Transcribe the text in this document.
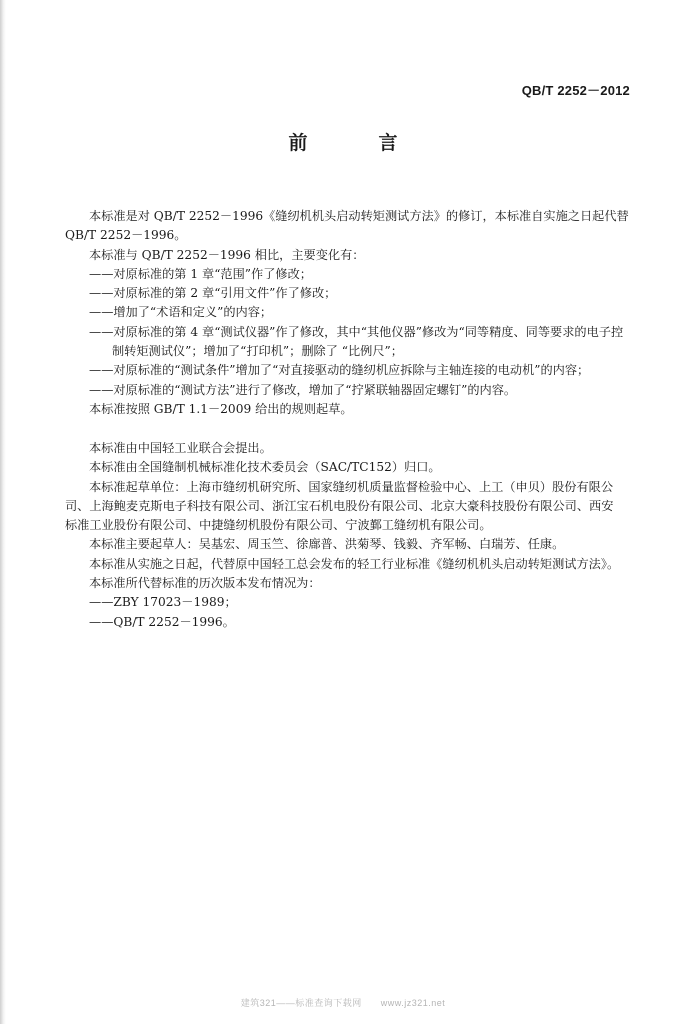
QB/T 2252－2012
前　言

本标准是对 QB/T 2252－1996《缝纫机机头启动转矩测试方法》的修订，本标准自实施之日起代替

QB/T 2252－1996。

本标准与 QB/T 2252－1996 相比，主要变化有：

——对原标准的第 1 章“范围”作了修改；

——对原标准的第 2 章“引用文件”作了修改；

——增加了“术语和定义”的内容；

——对原标准的第 4 章“测试仪器”作了修改，其中“其他仪器”修改为“同等精度、同等要求的电子控制转矩测试仪”；增加了“打印机”；删除了 “比例尺”；

——对原标准的“测试条件”增加了“对直接驱动的缝纫机应拆除与主轴连接的电动机”的内容；

——对原标准的“测试方法”进行了修改，增加了“拧紧联轴器固定螺钉”的内容。

本标准按照 GB/T 1.1－2009 给出的规则起草。

本标准由中国轻工业联合会提出。

本标准由全国缝制机械标准化技术委员会（SAC/TC152）归口。

本标准起草单位：上海市缝纫机研究所、国家缝纫机质量监督检验中心、上工（申贝）股份有限公

司、上海鲍麦克斯电子科技有限公司、浙江宝石机电股份有限公司、北京大豪科技股份有限公司、西安

标准工业股份有限公司、中捷缝纫机股份有限公司、宁波鄞工缝纫机有限公司。

本标准主要起草人：吴基宏、周玉竺、徐廍普、洪菊琴、钱毅、齐军畅、白瑞芳、任康。

本标准从实施之日起，代替原中国轻工总会发布的轻工行业标准《缝纫机机头启动转矩测试方法》。

本标准所代替标准的历次版本发布情况为：

——ZBY 17023－1989；

——QB/T 2252－1996。

建筑321——标准查询下载网　　www.jz321.net
